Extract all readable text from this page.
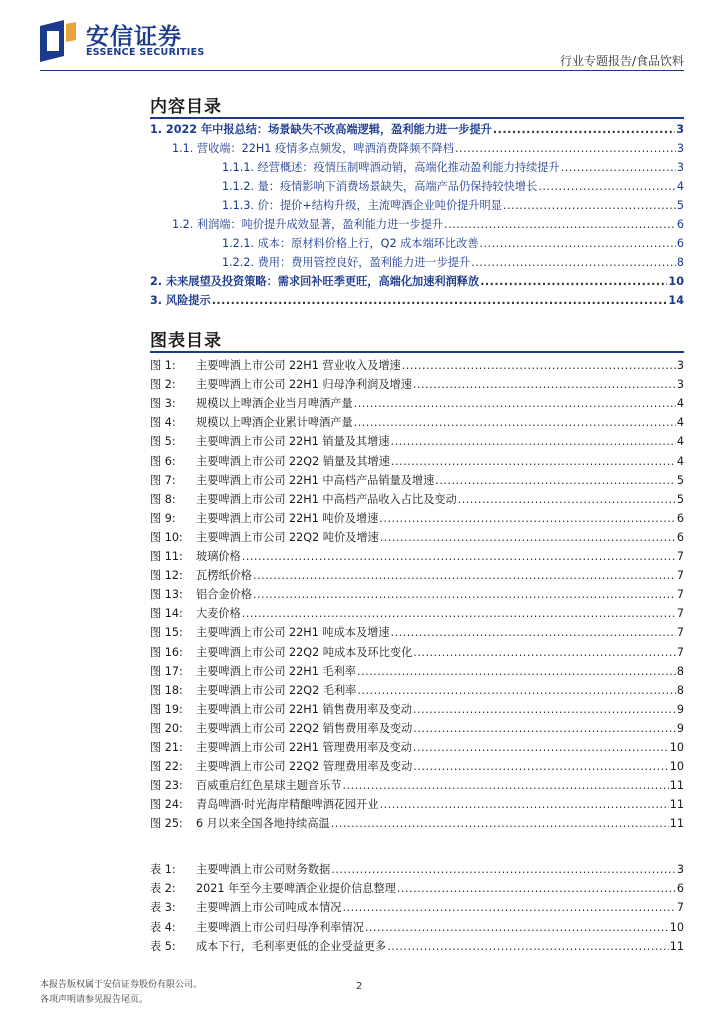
安信证券
ESSENCE SECURITIES
行业专题报告/食品饮料
内容目录
1. 2022 年中报总结：场景缺失不改高端逻辑，盈利能力进一步提升 .....	3
1.1. 营收端：22H1 疫情多点频发，啤酒消费降频不降档 .....	3
1.1.1. 经营概述：疫情压制啤酒动销，高端化推动盈利能力持续提升 .....	3
1.1.2. 量：疫情影响下消费场景缺失，高端产品仍保持较快增长 .....	4
1.1.3. 价：提价+结构升级，主流啤酒企业吨价提升明显 .....	5
1.2. 利润端：吨价提升成效显著，盈利能力进一步提升 .....	6
1.2.1. 成本：原材料价格上行，Q2 成本端环比改善 .....	6
1.2.2. 费用：费用管控良好，盈利能力进一步提升 .....	8
2. 未来展望及投资策略：需求回补旺季更旺，高端化加速利润释放 .....	10
3. 风险提示 .....	14
图表目录
图 1:	主要啤酒上市公司 22H1 营业收入及增速 .....	3
图 2:	主要啤酒上市公司 22H1 归母净利润及增速 .....	3
图 3:	规模以上啤酒企业当月啤酒产量 .....	4
图 4:	规模以上啤酒企业累计啤酒产量 .....	4
图 5:	主要啤酒上市公司 22H1 销量及其增速 .....	4
图 6:	主要啤酒上市公司 22Q2 销量及其增速 .....	4
图 7:	主要啤酒上市公司 22H1 中高档产品销量及增速 .....	5
图 8:	主要啤酒上市公司 22H1 中高档产品收入占比及变动 .....	5
图 9:	主要啤酒上市公司 22H1 吨价及增速 .....	6
图 10:	主要啤酒上市公司 22Q2 吨价及增速 .....	6
图 11:	玻璃价格 .....	7
图 12:	瓦楞纸价格 .....	7
图 13:	铝合金价格 .....	7
图 14:	大麦价格 .....	7
图 15:	主要啤酒上市公司 22H1 吨成本及增速 .....	7
图 16:	主要啤酒上市公司 22Q2 吨成本及环比变化 .....	7
图 17:	主要啤酒上市公司 22H1 毛利率 .....	8
图 18:	主要啤酒上市公司 22Q2 毛利率 .....	8
图 19:	主要啤酒上市公司 22H1 销售费用率及变动 .....	9
图 20:	主要啤酒上市公司 22Q2 销售费用率及变动 .....	9
图 21:	主要啤酒上市公司 22H1 管理费用率及变动 .....	10
图 22:	主要啤酒上市公司 22Q2 管理费用率及变动 .....	10
图 23:	百威重启红色星球主题音乐节 .....	11
图 24:	青岛啤酒·时光海岸精酿啤酒花园开业 .....	11
图 25:	6 月以来全国各地持续高温 .....	11
表 1:	主要啤酒上市公司财务数据 .....	3
表 2:	2021 年至今主要啤酒企业提价信息整理 .....	6
表 3:	主要啤酒上市公司吨成本情况 .....	7
表 4:	主要啤酒上市公司归母净利率情况 .....	10
表 5:	成本下行，毛利率更低的企业受益更多 .....	11
本报告版权属于安信证券股份有限公司。
各项声明请参见报告尾页。
2
